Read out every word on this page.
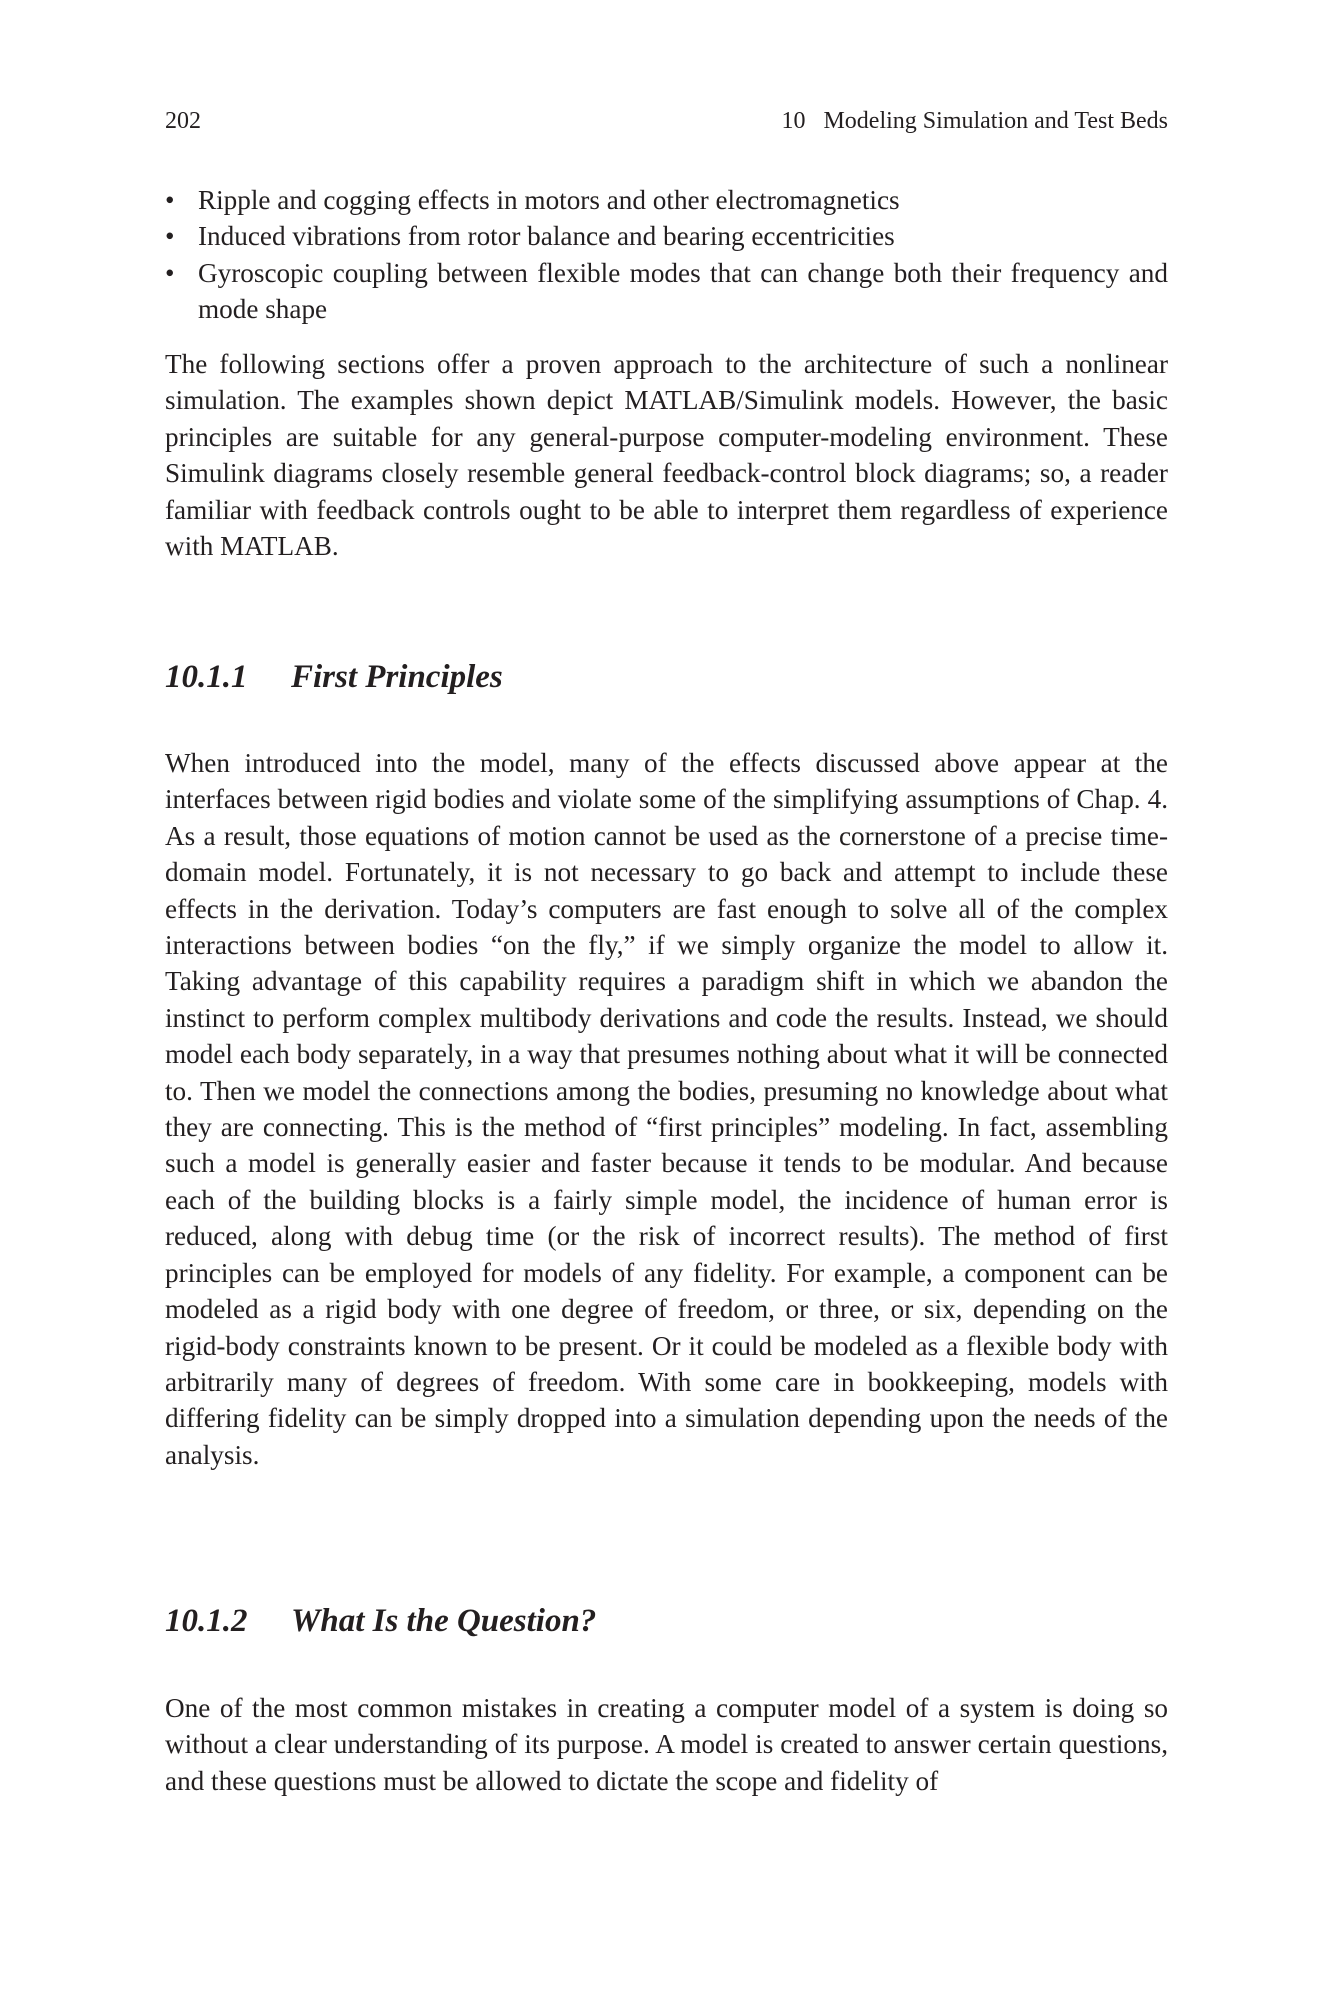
202	10 Modeling Simulation and Test Beds
• Ripple and cogging effects in motors and other electromagnetics
• Induced vibrations from rotor balance and bearing eccentricities
• Gyroscopic coupling between flexible modes that can change both their frequency and mode shape

The following sections offer a proven approach to the architecture of such a nonlinear simulation. The examples shown depict MATLAB/Simulink models. However, the basic principles are suitable for any general-purpose computer-modeling environment. These Simulink diagrams closely resemble general feedback-control block diagrams; so, a reader familiar with feedback controls ought to be able to interpret them regardless of experience with MATLAB.

10.1.1 First Principles

When introduced into the model, many of the effects discussed above appear at the interfaces between rigid bodies and violate some of the simplifying assumptions of Chap. 4. As a result, those equations of motion cannot be used as the cornerstone of a precise time-domain model. Fortunately, it is not necessary to go back and attempt to include these effects in the derivation. Today’s computers are fast enough to solve all of the complex interactions between bodies “on the fly,” if we simply organize the model to allow it. Taking advantage of this capability requires a paradigm shift in which we abandon the instinct to perform complex multibody derivations and code the results. Instead, we should model each body separately, in a way that presumes nothing about what it will be connected to. Then we model the connections among the bodies, presuming no knowledge about what they are connecting. This is the method of “first principles” modeling. In fact, assembling such a model is generally easier and faster because it tends to be modular. And because each of the building blocks is a fairly simple model, the incidence of human error is reduced, along with debug time (or the risk of incorrect results). The method of first principles can be employed for models of any fidelity. For example, a component can be modeled as a rigid body with one degree of freedom, or three, or six, depending on the rigid-body constraints known to be present. Or it could be modeled as a flexible body with arbitrarily many of degrees of freedom. With some care in bookkeeping, models with differing fidelity can be simply dropped into a simulation depending upon the needs of the analysis.

10.1.2 What Is the Question?

One of the most common mistakes in creating a computer model of a system is doing so without a clear understanding of its purpose. A model is created to answer certain questions, and these questions must be allowed to dictate the scope and fidelity of
